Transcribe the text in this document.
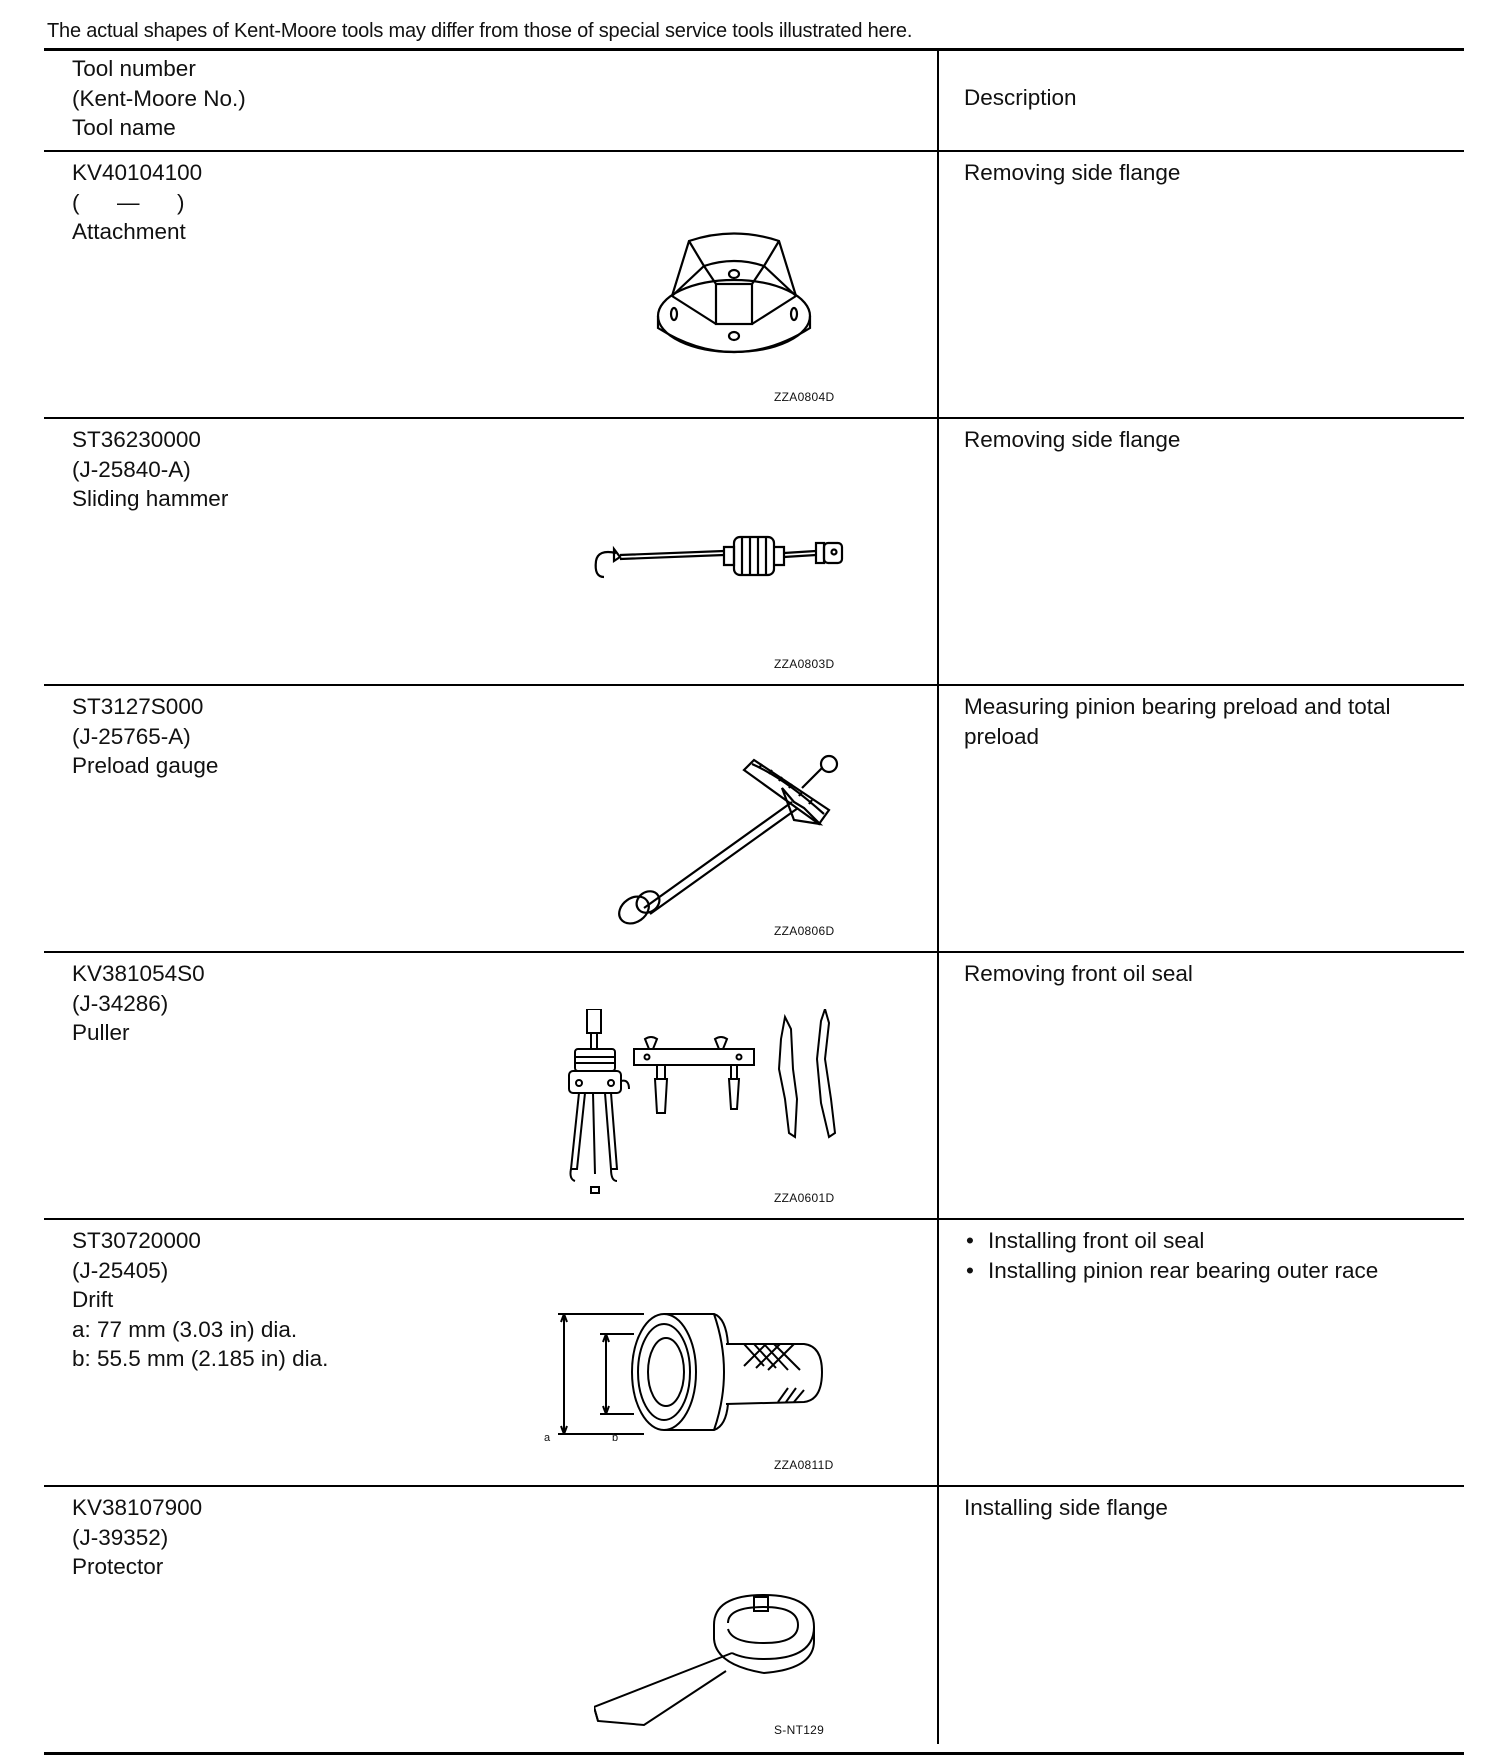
The actual shapes of Kent-Moore tools may differ from those of special service tools illustrated here.
Tool number
(Kent-Moore No.)
Tool name
Description
KV40104100
(      —      )
Attachment
ZZA0804D
Removing side flange
ST36230000
(J-25840-A)
Sliding hammer
ZZA0803D
Removing side flange
ST3127S000
(J-25765-A)
Preload gauge
ZZA0806D
Measuring pinion bearing preload and total preload
KV381054S0
(J-34286)
Puller
ZZA0601D
Removing front oil seal
ST30720000
(J-25405)
Drift
a: 77 mm (3.03 in) dia.
b: 55.5 mm (2.185 in) dia.
a	b
ZZA0811D
• Installing front oil seal
• Installing pinion rear bearing outer race
KV38107900
(J-39352)
Protector
S-NT129
Installing side flange
